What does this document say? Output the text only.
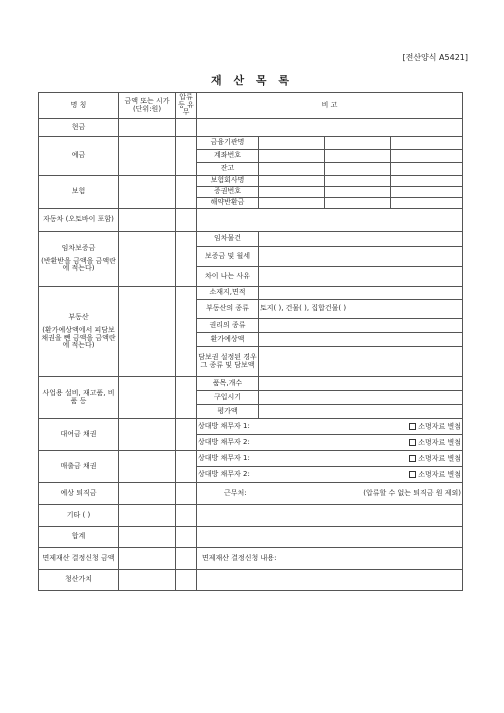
[전산양식 A5421]
재 산 목 록
명 칭	금액 또는 시가(단위:원)	압류등 유무	비 고			
현금						
예금			금융기관명			
			계좌번호			
			잔고			
보험			보험회사명			
			증권번호			
			해약반환금			
자동차 (오토바이 포함)						

임차보증금
(반환받을 금액을 금액란에 적는다)			임차물건			
			보증금 및 월세			
			차이 나는 사유			

부동산
(환가예상액에서 피담보채권을 뺀 금액을 금액란에 적는다)			소재지,면적			
			부동산의 종류	토지( ), 건물( ), 집합건물( )		
			권리의 종류			
			환가예상액			
			담보권 설정된 경우 그 종류 및 담보액			
사업용 설비, 재고품, 비품 등			품목,개수			
			구입시기			
			평가액			
대여금 채권			상대방 채무자 1: 소명자료 별첨			

			상대방 채무자 2: 소명자료 별첨			

매출금 채권			상대방 채무자 1: 소명자료 별첨			

			상대방 채무자 2: 소명자료 별첨			

예상 퇴직금			근무처: (압류할 수 없는 퇴직금 원 제외)			

기타 ( )						
합계						
면제재산 결정신청 금액			면제재산 결정신청 내용:			
청산가치						
